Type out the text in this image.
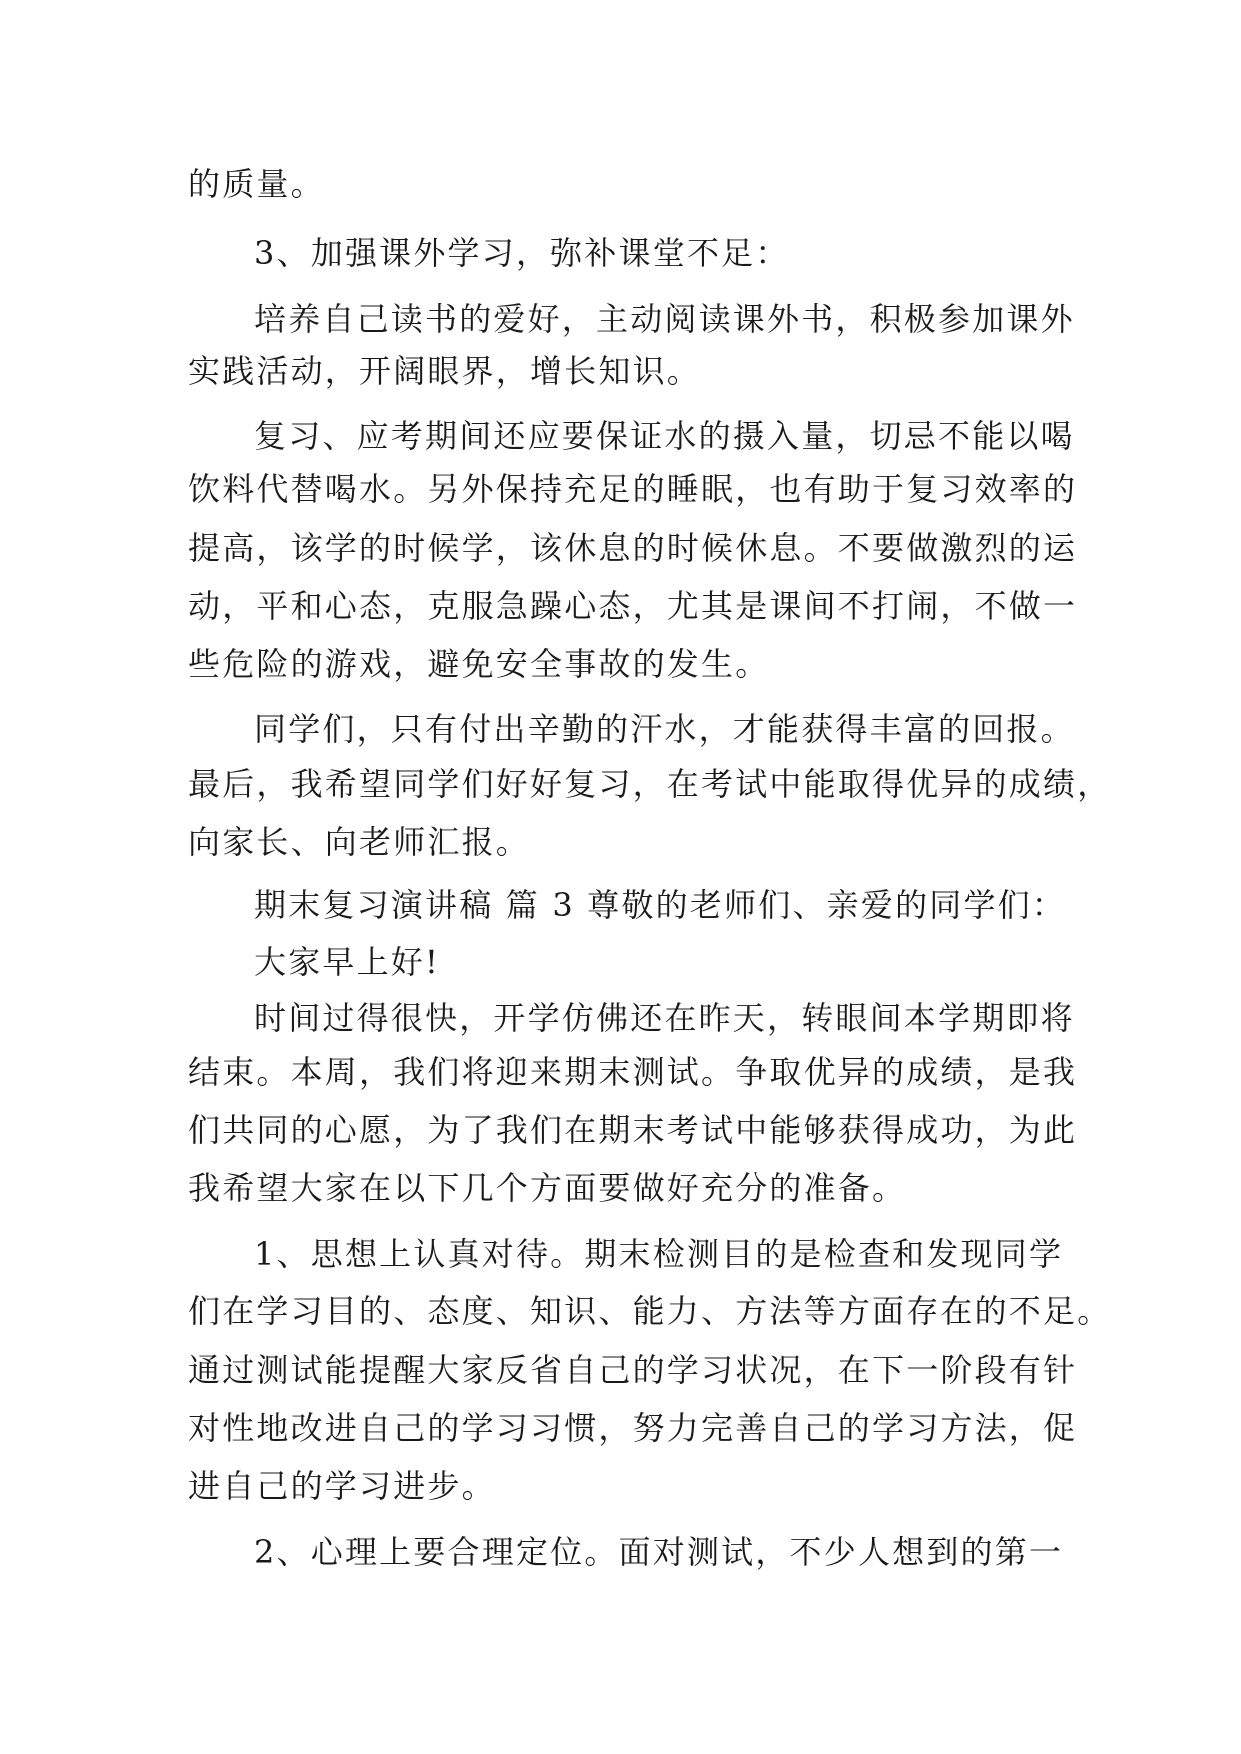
的质量。
3、加强课外学习，弥补课堂不足：
培养自己读书的爱好，主动阅读课外书，积极参加课外
实践活动，开阔眼界，增长知识。
复习、应考期间还应要保证水的摄入量，切忌不能以喝
饮料代替喝水。另外保持充足的睡眠，也有助于复习效率的
提高，该学的时候学，该休息的时候休息。不要做激烈的运
动，平和心态，克服急躁心态，尤其是课间不打闹，不做一
些危险的游戏，避免安全事故的发生。
同学们，只有付出辛勤的汗水，才能获得丰富的回报。
最后，我希望同学们好好复习，在考试中能取得优异的成绩，
向家长、向老师汇报。
期末复习演讲稿 篇 3 尊敬的老师们、亲爱的同学们：
大家早上好!
时间过得很快，开学仿佛还在昨天，转眼间本学期即将
结束。本周，我们将迎来期末测试。争取优异的成绩，是我
们共同的心愿，为了我们在期末考试中能够获得成功，为此
我希望大家在以下几个方面要做好充分的准备。
1、思想上认真对待。期末检测目的是检查和发现同学
们在学习目的、态度、知识、能力、方法等方面存在的不足。
通过测试能提醒大家反省自己的学习状况，在下一阶段有针
对性地改进自己的学习习惯，努力完善自己的学习方法，促
进自己的学习进步。
2、心理上要合理定位。面对测试，不少人想到的第一
